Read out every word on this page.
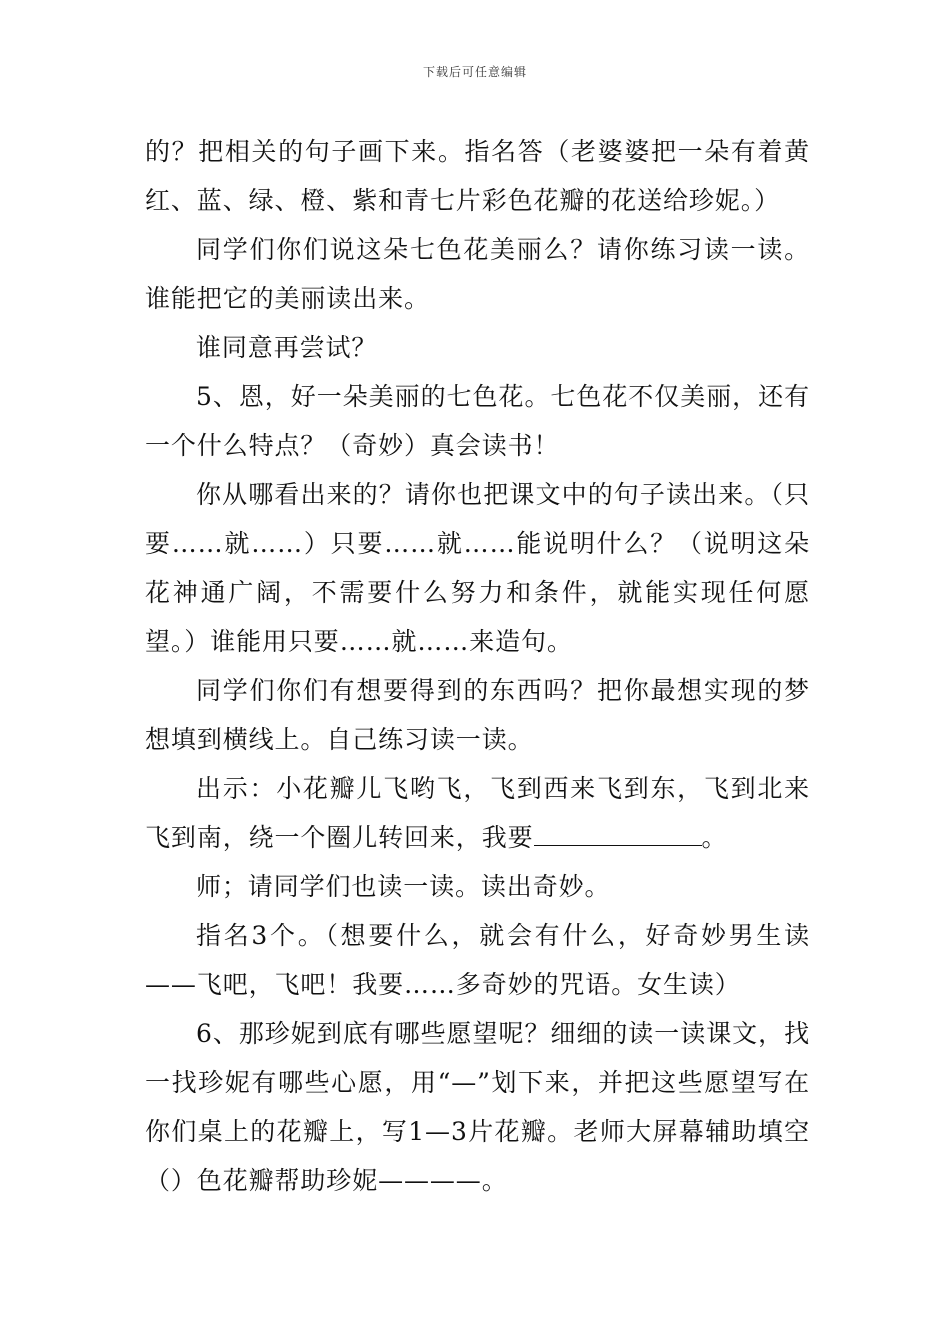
下载后可任意编辑

的？把相关的句子画下来。指名答（老婆婆把一朵有着黄红、蓝、绿、橙、紫和青七片彩色花瓣的花送给珍妮。）

同学们你们说这朵七色花美丽么？请你练习读一读。谁能把它的美丽读出来。

谁同意再尝试？

5、恩，好一朵美丽的七色花。七色花不仅美丽，还有一个什么特点？（奇妙）真会读书！

你从哪看出来的？请你也把课文中的句子读出来。（只要……就……）只要……就……能说明什么？（说明这朵花神通广阔，不需要什么努力和条件，就能实现任何愿望。）谁能用只要……就……来造句。

同学们你们有想要得到的东西吗？把你最想实现的梦想填到横线上。自己练习读一读。

出示：小花瓣儿飞哟飞，飞到西来飞到东，飞到北来飞到南，绕一个圈儿转回来，我要	。

师；请同学们也读一读。读出奇妙。

指名3个。（想要什么，就会有什么，好奇妙男生读——飞吧，飞吧！我要……多奇妙的咒语。女生读）

6、那珍妮到底有哪些愿望呢？细细的读一读课文，找一找珍妮有哪些心愿，用“—”划下来，并把这些愿望写在你们桌上的花瓣上，写1—3片花瓣。老师大屏幕辅助填空（）色花瓣帮助珍妮————。
